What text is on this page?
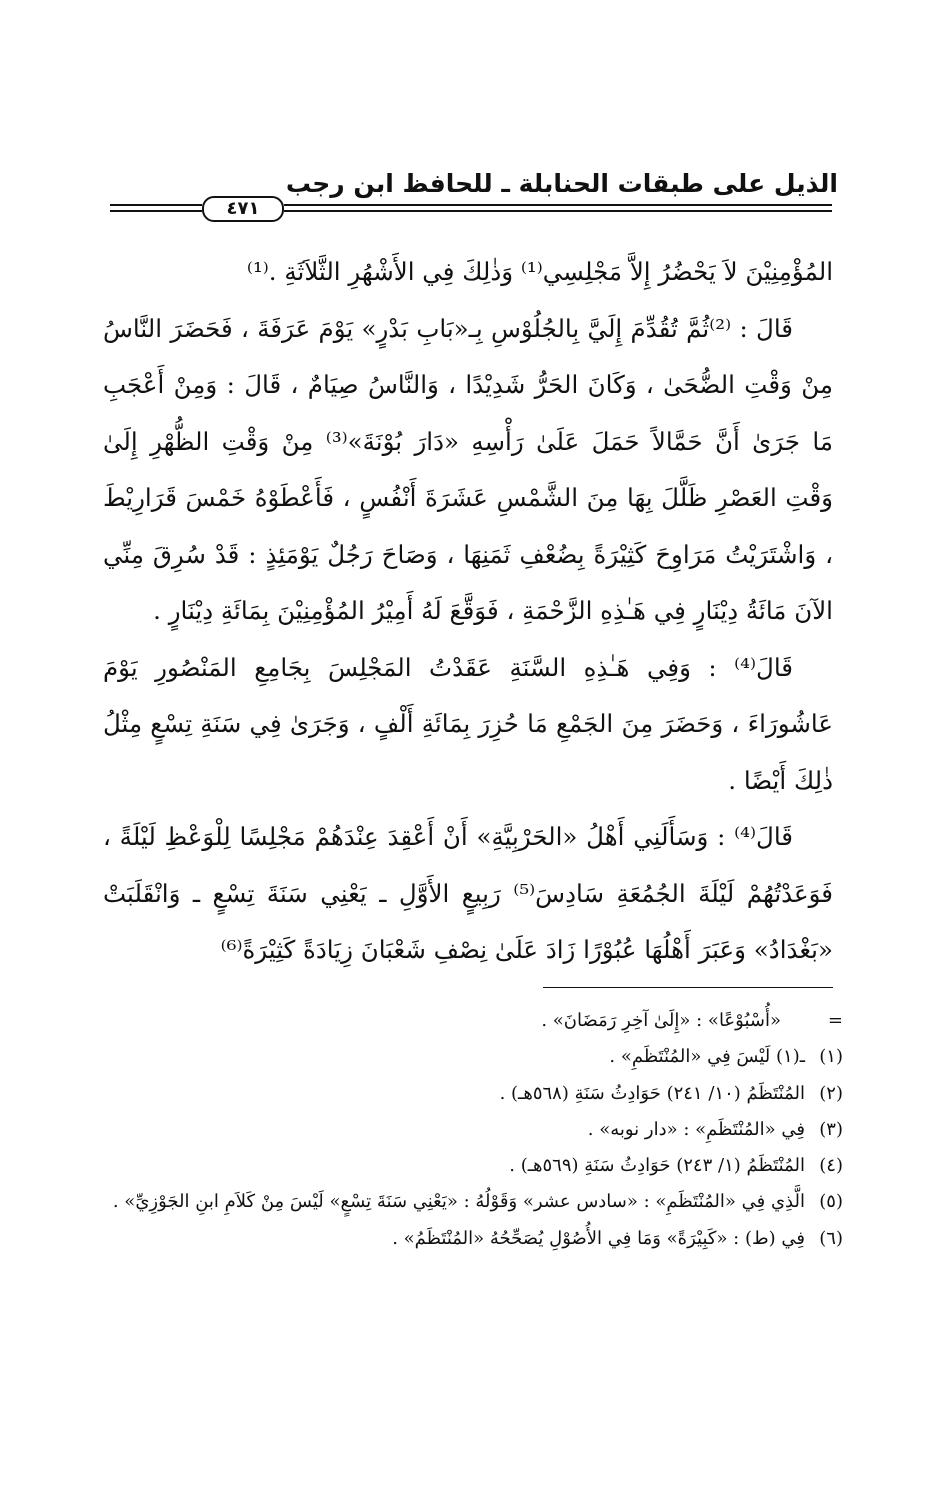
الذيل على طبقات الحنابلة ـ للحافظ ابن رجب
٤٧١

المُؤْمِنِيْنَ لاَ يَحْضُرُ إِلاَّ مَجْلِسِي⁽¹⁾ وَذٰلِكَ فِي الأَشْهُرِ الثَّلاَثَةِ .⁽¹⁾

قَالَ : ⁽²⁾ثُمَّ تُقُدِّمَ إِلَيَّ بِالجُلُوْسِ بِـ«بَابِ بَدْرٍ» يَوْمَ عَرَفَةَ ، فَحَضَرَ النَّاسُ مِنْ وَقْتِ الضُّحَىٰ ، وَكَانَ الحَرُّ شَدِيْدًا ، وَالنَّاسُ صِيَامٌ ، قَالَ : وَمِنْ أَعْجَبِ مَا جَرَىٰ أَنَّ حَمَّالاً حَمَلَ عَلَىٰ رَأْسِهِ «دَارَ بُوْنَةَ»⁽³⁾ مِنْ وَقْتِ الظُّهْرِ إِلَىٰ وَقْتِ العَصْرِ ظَلَّلَ بِهَا مِنَ الشَّمْسِ عَشَرَةَ أَنْفُسٍ ، فَأَعْطَوْهُ خَمْسَ قَرَارِيْطَ ، وَاشْتَرَيْتُ مَرَاوِحَ كَثِيْرَةً بِضُعْفِ ثَمَنِهَا ، وَصَاحَ رَجُلٌ يَوْمَئِذٍ : قَدْ سُرِقَ مِنِّي الآنَ مَائَةُ دِيْنَارٍ فِي هَـٰذِهِ الزَّحْمَةِ ، فَوَقَّعَ لَهُ أَمِيْرُ المُؤْمِنِيْنَ بِمَائَةِ دِيْنَارٍ .

قَالَ⁽⁴⁾ : وَفِي هَـٰذِهِ السَّنَةِ عَقَدْتُ المَجْلِسَ بِجَامِعِ المَنْصُورِ يَوْمَ عَاشُورَاءَ ، وَحَضَرَ مِنَ الجَمْعِ مَا حُزِرَ بِمَائَةِ أَلْفٍ ، وَجَرَىٰ فِي سَنَةِ تِسْعٍ مِثْلُ ذٰلِكَ أَيْضًا .

قَالَ⁽⁴⁾ : وَسَأَلَنِي أَهْلُ «الحَرْبِيَّةِ» أَنْ أَعْقِدَ عِنْدَهُمْ مَجْلِسًا لِلْوَعْظِ لَيْلَةً ، فَوَعَدْتُهُمْ لَيْلَةَ الجُمُعَةِ سَادِسَ⁽⁵⁾ رَبِيعٍ الأَوَّلِ ـ يَعْنِي سَنَةَ تِسْعٍ ـ وَانْقَلَبَتْ «بَغْدَادُ» وَعَبَرَ أَهْلُهَا عُبُوْرًا زَادَ عَلَىٰ نِصْفِ شَعْبَانَ زِيَادَةً كَثِيْرَةً⁽⁶⁾

=
«أُسْبُوْعًا» : «إِلَىٰ آخِرِ رَمَضَانَ» .
(١)
ـ(١) لَيْسَ فِي «المُنْتَظَمِ» .
(٢)
المُنْتَظَمُ (١٠/ ٢٤١) حَوَادِثُ سَنَةِ (٥٦٨هـ) .
(٣)
فِي «المُنْتَظَمِ» : «دار نوبه» .
(٤)
المُنْتَظَمُ (١/ ٢٤٣) حَوَادِثُ سَنَةِ (٥٦٩هـ) .
(٥)
الَّذِي فِي «المُنْتَظَمِ» : «سادس عشر» وَقَوْلُهُ : «يَعْنِي سَنَةَ تِسْعٍ» لَيْسَ مِنْ كَلاَمِ ابنِ الجَوْزِيِّ» .
(٦)
فِي (ط) : «كَبِيْرَةً» وَمَا فِي الأُصُوْلِ يُصَحِّحُهُ «المُنْتَظَمُ» .
